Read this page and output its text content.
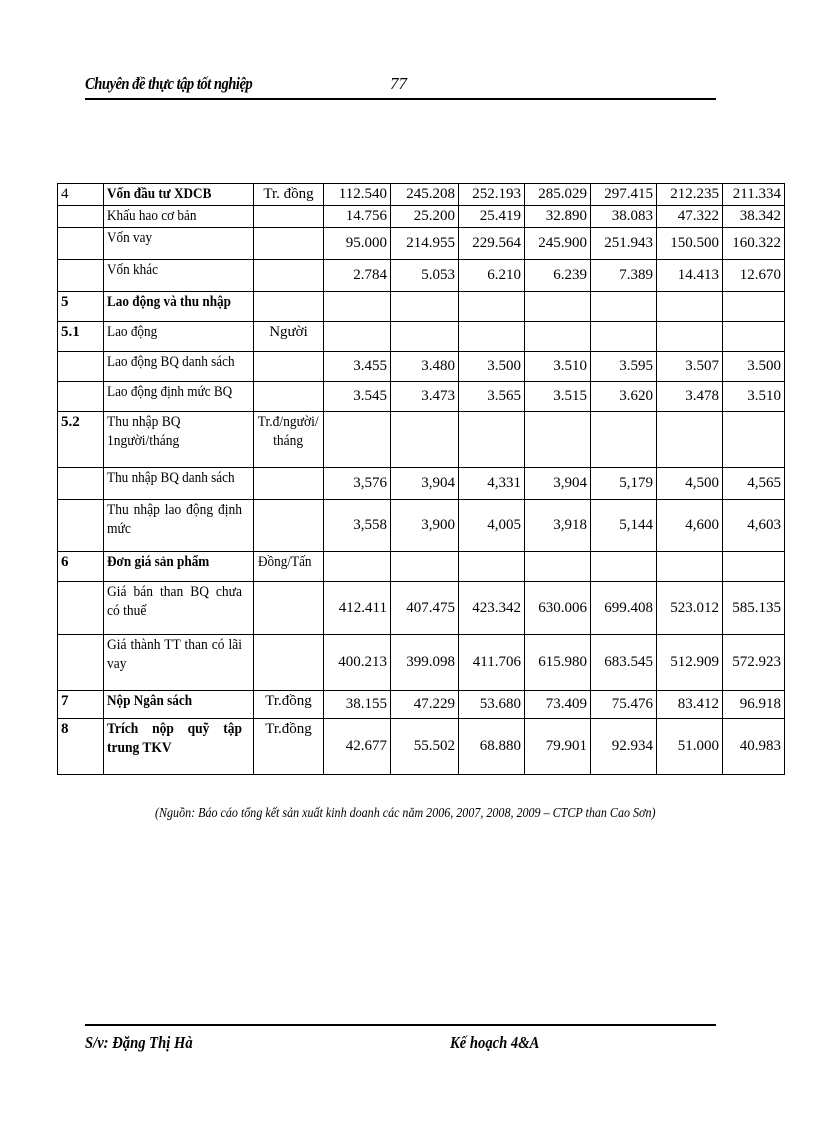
Chuyên đề thực tập tốt nghiệp	77
4	Vốn đầu tư XDCB	Tr. đồng	112.540	245.208	252.193	285.029	297.415	212.235	211.334
	Khấu hao cơ bản		14.756	25.200	25.419	32.890	38.083	47.322	38.342
	Vốn vay		95.000	214.955	229.564	245.900	251.943	150.500	160.322
	Vốn khác		2.784	5.053	6.210	6.239	7.389	14.413	12.670
5	Lao động và thu nhập								
5.1	Lao động	Người							
	Lao động BQ danh sách		3.455	3.480	3.500	3.510	3.595	3.507	3.500
	Lao động định mức BQ		3.545	3.473	3.565	3.515	3.620	3.478	3.510
5.2	Thu nhập BQ 1người/tháng	Tr.đ/người/ tháng							

	Thu nhập BQ danh sách		3,576	3,904	4,331	3,904	5,179	4,500	4,565

	Thu nhập lao động định mức		3,558	3,900	4,005	3,918	5,144	4,600	4,603
6	Đơn giá sản phẩm	Đồng/Tấn							

	Giá bán than BQ chưa có thuế		412.411	407.475	423.342	630.006	699.408	523.012	585.135

	Giá thành TT than có lãi vay		400.213	399.098	411.706	615.980	683.545	512.909	572.923
7	Nộp Ngân sách	Tr.đồng	38.155	47.229	53.680	73.409	75.476	83.412	96.918
8	Trích nộp quỹ tập trung TKV	Tr.đồng	42.677	55.502	68.880	79.901	92.934	51.000	40.983
(Nguồn: Báo cáo tổng kết sản xuất kinh doanh các năm 2006, 2007, 2008, 2009 – CTCP than Cao Sơn)
S/v: Đặng Thị Hà	Kế hoạch 4&A
